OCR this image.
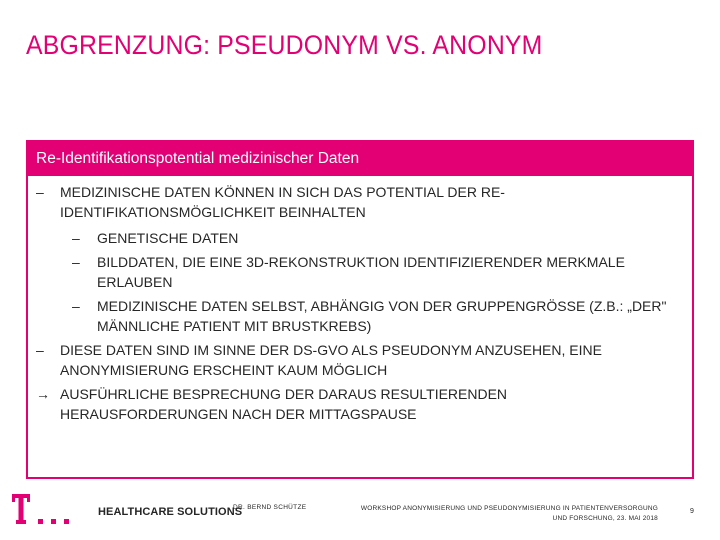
ABGRENZUNG: PSEUDONYM VS. ANONYM
Re-Identifikationspotential medizinischer Daten
–	MEDIZINISCHE DATEN KÖNNEN IN SICH DAS POTENTIAL DER RE-IDENTIFIKATIONSMÖGLICHKEIT BEINHALTEN
–	GENETISCHE DATEN
–	BILDDATEN, DIE EINE 3D-REKONSTRUKTION IDENTIFIZIERENDER MERKMALE ERLAUBEN
–	MEDIZINISCHE DATEN SELBST, ABHÄNGIG VON DER GRUPPENGRÖSSE (Z.B.: „DER" MÄNNLICHE PATIENT MIT BRUSTKREBS)
–	DIESE DATEN SIND IM SINNE DER DS-GVO ALS PSEUDONYM ANZUSEHEN, EINE ANONYMISIERUNG ERSCHEINT KAUM MÖGLICH
→ AUSFÜHRLICHE BESPRECHUNG DER DARAUS RESULTIERENDEN HERAUSFORDERUNGEN NACH DER MITTAGSPAUSE
HEALTHCARE SOLUTIONS
DR. BERND SCHÜTZE	WORKSHOP ANONYMISIERUNG UND PSEUDONYMISIERUNG IN PATIENTENVERSORGUNG
UND FORSCHUNG, 23. MAI 2018
9
